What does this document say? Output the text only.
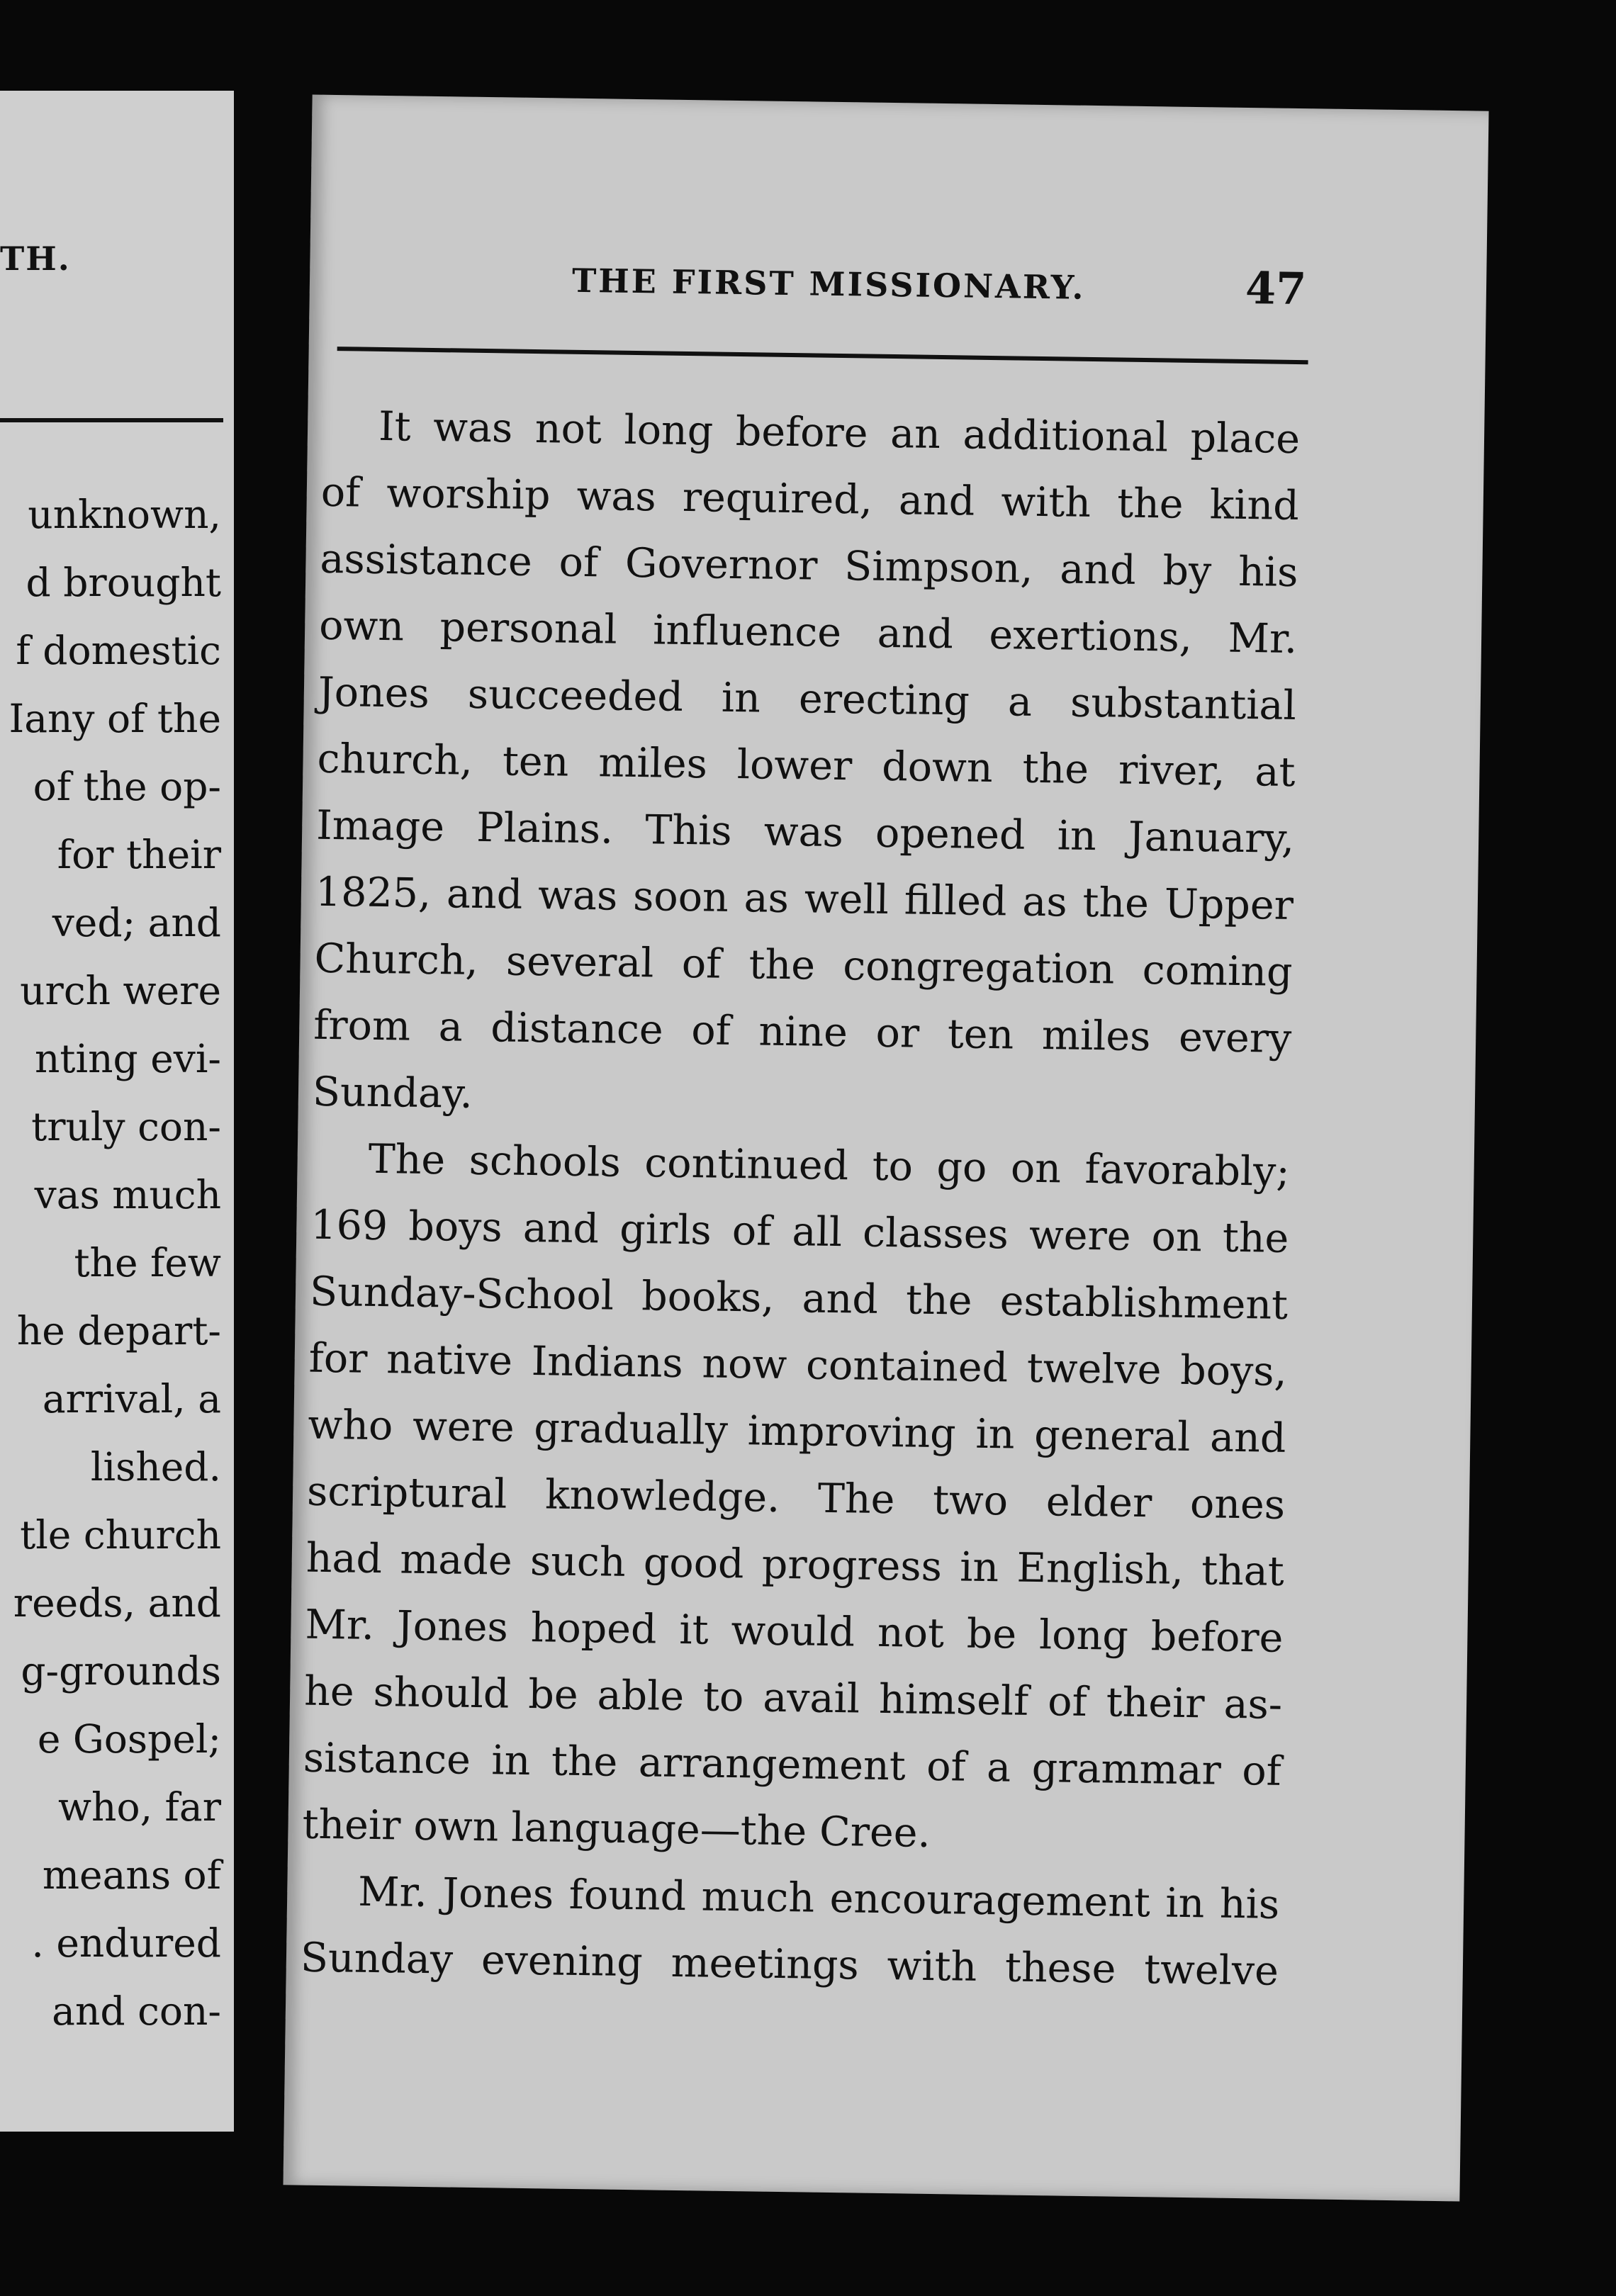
TH.
unknown,
d brought
f domestic
Iany of the
of the op-
for their
ved; and
urch were
nting evi-
truly con-
vas much
the few
he depart-
arrival, a
lished.
tle church
reeds, and
g-grounds
e Gospel;
who, far
means of
. endured
and con-
THE FIRST MISSIONARY.	47
It was not long before an additional place
of worship was required, and with the kind
assistance of Governor Simpson, and by his
own personal influence and exertions, Mr.
Jones succeeded in erecting a substantial
church, ten miles lower down the river, at
Image Plains. This was opened in January,
1825, and was soon as well filled as the Upper
Church, several of the congregation coming
from a distance of nine or ten miles every
Sunday.
The schools continued to go on favorably;
169 boys and girls of all classes were on the
Sunday-School books, and the establishment
for native Indians now contained twelve boys,
who were gradually improving in general and
scriptural knowledge. The two elder ones
had made such good progress in English, that
Mr. Jones hoped it would not be long before
he should be able to avail himself of their as-
sistance in the arrangement of a grammar of
their own language—the Cree.
Mr. Jones found much encouragement in his
Sunday evening meetings with these twelve
